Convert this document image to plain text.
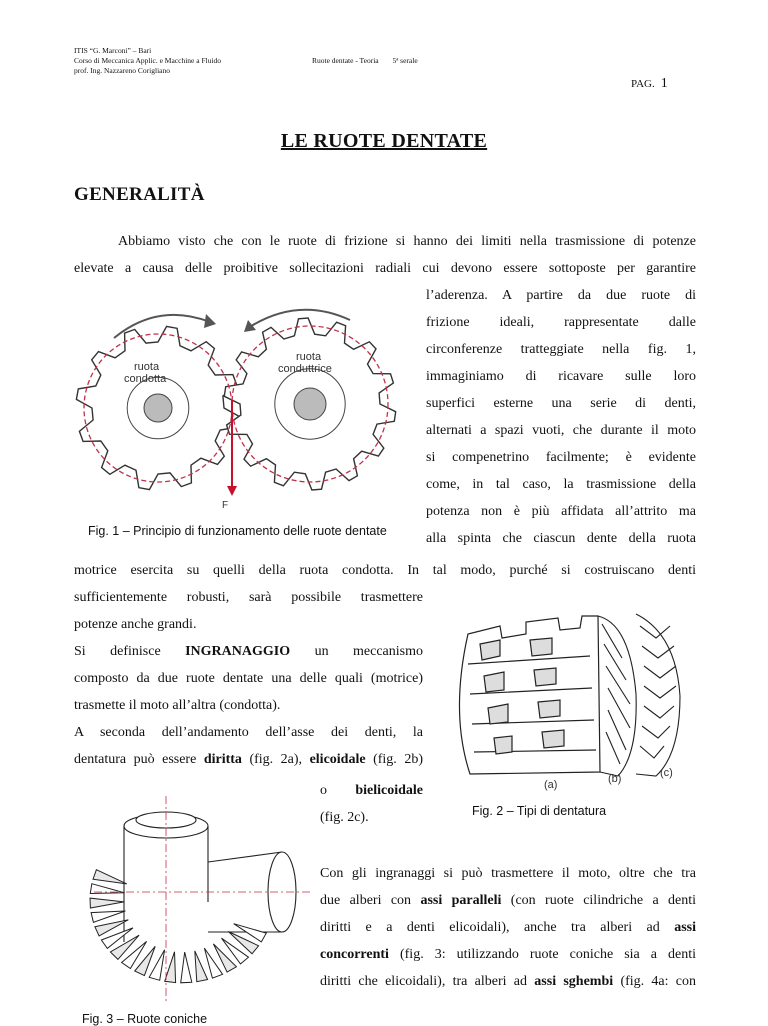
ITIS “G. Marconi” – Bari
Corso di Meccanica Applic. e Macchine a Fluido
prof. Ing. Nazzareno Corigliano
Ruote dentate - Teoria 5ª serale
PAG. 1
LE RUOTE DENTATE
GENERALITÀ
Abbiamo visto che con le ruote di frizione si hanno dei limiti nella trasmissione di potenze
elevate a causa delle proibitive sollecitazioni radiali cui devono essere sottoposte per garantire
l’aderenza. A partire da due ruote di
frizione ideali, rappresentate dalle
circonferenze tratteggiate nella fig. 1,
immaginiamo di ricavare sulle loro
superfici esterne una serie di denti,
alternati a spazi vuoti, che durante il moto
si compenetrino facilmente; è evidente
come, in tal caso, la trasmissione della
potenza non è più affidata all’attrito ma
alla spinta che ciascun dente della ruota
motrice esercita su quelli della ruota condotta. In tal modo, purché si costruiscano denti
sufficientemente robusti, sarà possibile trasmettere
potenze anche grandi.
ruota
condotta
ruota
conduttrice
F
Fig. 1 – Principio di funzionamento delle ruote dentate
Si definisce INGRANAGGIO un meccanismo
composto da due ruote dentate una delle quali (motrice)
trasmette il moto all’altra (condotta).
A seconda dell’andamento dell’asse dei denti, la
dentatura può essere diritta (fig. 2a), elicoidale (fig. 2b)
o bielicoidale
(fig. 2c).
(a)	(b)	(c)
Fig. 2 – Tipi di dentatura
Fig. 3 – Ruote coniche
Con gli ingranaggi si può trasmettere il moto, oltre che tra
due alberi con assi paralleli (con ruote cilindriche a denti
diritti e a denti elicoidali), anche tra alberi ad assi
concorrenti (fig. 3: utilizzando ruote coniche sia a denti
diritti che elicoidali), tra alberi ad assi sghembi (fig. 4a: con
